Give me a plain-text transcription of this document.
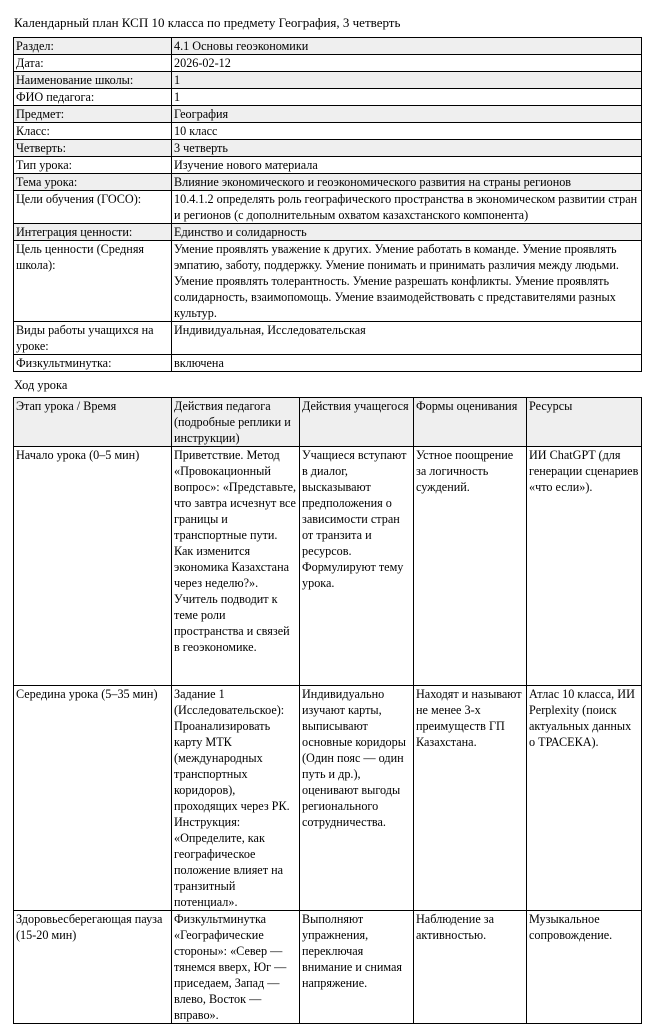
Календарный план КСП 10 класса по предмету География, 3 четверть
Раздел:	4.1 Основы геоэкономики
Дата:	2026-02-12
Наименование школы:	1
ФИО педагога:	1
Предмет:	География
Класс:	10 класс
Четверть:	3 четверть
Тип урока:	Изучение нового материала
Тема урока:	Влияние экономического и геоэкономического развития на страны регионов
Цели обучения (ГОСО):	10.4.1.2 определять роль географического пространства в экономическом развитии стран и регионов (с дополнительным охватом казахстанского компонента)
Интеграция ценности:	Единство и солидарность
Цель ценности (Средняя школа):	Умение проявлять уважение к других. Умение работать в команде. Умение проявлять эмпатию, заботу, поддержку. Умение понимать и принимать различия между людьми. Умение проявлять толерантность. Умение разрешать конфликты. Умение проявлять солидарность, взаимопомощь. Умение взаимодействовать с представителями разных культур.
Виды работы учащихся на уроке:	Индивидуальная, Исследовательская
Физкультминутка:	включена
Ход урока
Этап урока / Время	Действия педагога (подробные реплики и инструкции)	Действия учащегося	Формы оценивания	Ресурсы
Начало урока (0–5 мин)	Приветствие. Метод «Провокационный вопрос»: «Представьте, что завтра исчезнут все границы и транспортные пути. Как изменится экономика Казахстана через неделю?». Учитель подводит к теме роли пространства и связей в геоэкономике.	Учащиеся вступают в диалог, высказывают предположения о зависимости стран от транзита и ресурсов. Формулируют тему урока.	Устное поощрение за логичность суждений.	ИИ ChatGPT (для генерации сценариев «что если»).
Середина урока (5–35 мин)	Задание 1 (Исследовательское): Проанализировать карту МТК (международных транспортных коридоров), проходящих через РК. Инструкция: «Определите, как географическое положение влияет на транзитный потенциал».	Индивидуально изучают карты, выписывают основные коридоры (Один пояс — один путь и др.), оценивают выгоды регионального сотрудничества.	Находят и называют не менее 3-х преимуществ ГП Казахстана.	Атлас 10 класса, ИИ Perplexity (поиск актуальных данных о ТРАСЕКА).
Здоровьесберегающая пауза (15-20 мин)	Физкультминутка «Географические стороны»: «Север — тянемся вверх, Юг — приседаем, Запад — влево, Восток — вправо».	Выполняют упражнения, переключая внимание и снимая напряжение.	Наблюдение за активностью.	Музыкальное сопровождение.
